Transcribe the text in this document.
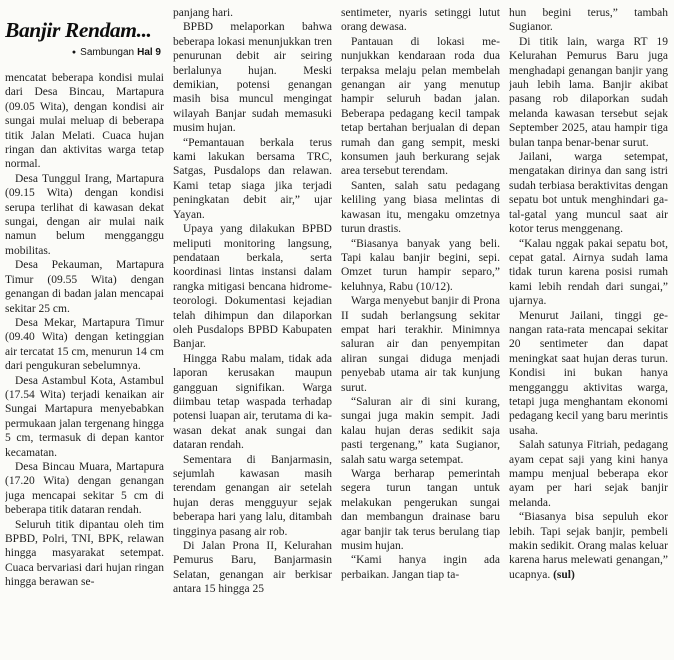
Banjir Rendam...
● Sambungan Hal 9

mencatat beberapa kondisi mulai dari Desa Bincau, Martapura (09.05 Wita), dengan kondisi air sungai mulai meluap di beberapa titik Jalan Melati. Cuaca hujan ringan dan aktivitas warga tetap normal.

Desa Tunggul Irang, Martapura (09.15 Wita) dengan kondisi serupa terlihat di kawasan dekat sungai, dengan air mulai naik namun belum mengganggu mobilitas.

Desa Pekauman, Martapura Timur (09.55 Wita) dengan genangan di badan jalan mencapai sekitar 25 cm.

Desa Mekar, Martapura Timur (09.40 Wita) dengan ketinggian air tercatat 15 cm, menurun 14 cm dari pengukuran sebelumnya.

Desa Astambul Kota, Astambul (17.54 Wita) terjadi kenaikan air Sungai Martapura menyebabkan permukaan jalan tergenang hingga 5 cm, termasuk di depan kantor kecamatan.

Desa Bincau Muara, Martapura (17.20 Wita) dengan genangan juga mencapai sekitar 5 cm di beberapa titik dataran rendah.

Seluruh titik dipantau oleh tim BPBD, Polri, TNI, BPK, relawan hingga masyarakat setempat. Cuaca bervariasi dari hujan ringan hingga berawan se-

panjang hari.

BPBD melaporkan bahwa beberapa lokasi menunjukkan tren penurunan debit air seiring berlalunya hujan. Meski demikian, potensi genangan masih bisa muncul mengingat wilayah Banjar sudah memasuki musim hujan.

“Pemantauan berkala terus kami lakukan bersama TRC, Satgas, Pusdalops dan relawan. Kami tetap siaga jika terjadi peningkatan debit air,” ujar Yayan.

Upaya yang dilakukan BPBD meliputi monitoring langsung, pendataan berkala, serta koordinasi lintas instansi dalam rangka mitigasi bencana hidrometeorologi. Dokumentasi kejadian telah dihimpun dan dilaporkan oleh Pusdalops BPBD Kabupaten Banjar.

Hingga Rabu malam, tidak ada laporan kerusakan maupun gangguan signifikan. Warga diimbau tetap waspada terhadap potensi luapan air, terutama di kawasan dekat anak sungai dan dataran rendah.

Sementara di Banjarmasin, sejumlah kawasan masih terendam genangan air setelah hujan deras mengguyur sejak beberapa hari yang lalu, ditambah tingginya pasang air rob.

Di Jalan Prona II, Kelurahan Pemurus Baru, Banjarmasin Selatan, genangan air berkisar antara 15 hingga 25

sentimeter, nyaris setinggi lutut orang dewasa.

Pantauan di lokasi menunjukkan kendaraan roda dua terpaksa melaju pelan membelah genangan air yang menutup hampir seluruh badan jalan. Beberapa pedagang kecil tampak tetap bertahan berjualan di depan rumah dan gang sempit, meski konsumen jauh berkurang sejak area tersebut terendam.

Santen, salah satu pedagang keliling yang biasa melintas di kawasan itu, mengaku omzetnya turun drastis.

“Biasanya banyak yang beli. Tapi kalau banjir begini, sepi. Omzet turun hampir separo,” keluhnya, Rabu (10/12).

Warga menyebut banjir di Prona II sudah berlangsung sekitar empat hari terakhir. Minimnya saluran air dan penyempitan aliran sungai diduga menjadi penyebab utama air tak kunjung surut.

“Saluran air di sini kurang, sungai juga makin sempit. Jadi kalau hujan deras sedikit saja pasti tergenang,” kata Sugianor, salah satu warga setempat.

Warga berharap pemerintah segera turun tangan untuk melakukan pengerukan sungai dan membangun drainase baru agar banjir tak terus berulang tiap musim hujan.

“Kami hanya ingin ada perbaikan. Jangan tiap ta-

hun begini terus,” tambah Sugianor.

Di titik lain, warga RT 19 Kelurahan Pemurus Baru juga menghadapi genangan banjir yang jauh lebih lama. Banjir akibat pasang rob dilaporkan sudah melanda kawasan tersebut sejak September 2025, atau hampir tiga bulan tanpa benar-benar surut.

Jailani, warga setempat, mengatakan dirinya dan sang istri sudah terbiasa beraktivitas dengan sepatu bot untuk menghindari gatal-gatal yang muncul saat air kotor terus menggenang.

“Kalau nggak pakai sepatu bot, cepat gatal. Airnya sudah lama tidak turun karena posisi rumah kami lebih rendah dari sungai,” ujarnya.

Menurut Jailani, tinggi genangan rata-rata mencapai sekitar 20 sentimeter dan dapat meningkat saat hujan deras turun. Kondisi ini bukan hanya mengganggu aktivitas warga, tetapi juga menghantam ekonomi pedagang kecil yang baru merintis usaha.

Salah satunya Fitriah, pedagang ayam cepat saji yang kini hanya mampu menjual beberapa ekor ayam per hari sejak banjir melanda.

“Biasanya bisa sepuluh ekor lebih. Tapi sejak banjir, pembeli makin sedikit. Orang malas keluar karena harus melewati genangan,” ucapnya. (sul)
